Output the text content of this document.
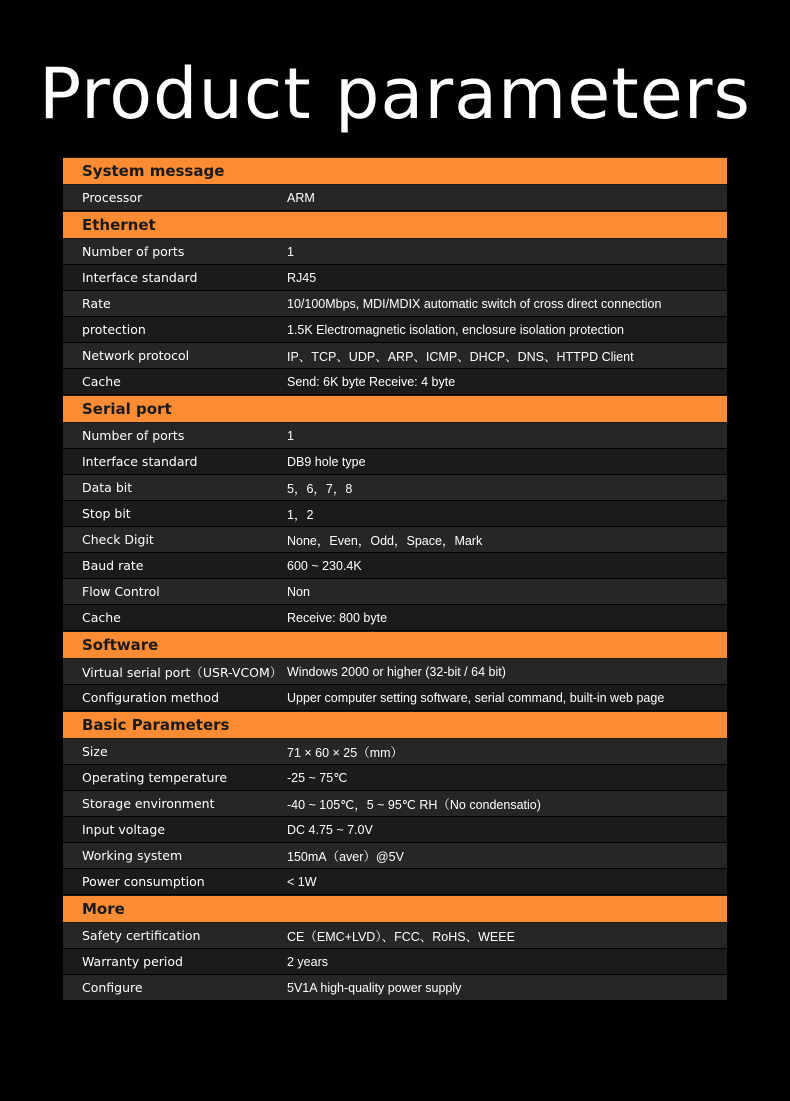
Product parameters
System message
Processor	ARM
Ethernet
Number of ports	1
Interface standard	RJ45
Rate	10/100Mbps, MDI/MDIX automatic switch of cross direct connection
protection	1.5K Electromagnetic isolation, enclosure isolation protection
Network protocol	IP、TCP、UDP、ARP、ICMP、DHCP、DNS、HTTPD Client
Cache	Send: 6K byte Receive: 4 byte
Serial port
Number of ports	1
Interface standard	DB9 hole type
Data bit	5，6，7，8
Stop bit	1，2
Check Digit	None，Even，Odd，Space，Mark
Baud rate	600 ~ 230.4K
Flow Control	Non
Cache	Receive: 800 byte
Software
Virtual serial port（USR-VCOM） Windows 2000 or higher (32-bit / 64 bit)
Configuration method	Upper computer setting software, serial command, built-in web page
Basic Parameters
Size	71 × 60 × 25（mm）
Operating temperature	-25 ~ 75℃
Storage environment	-40 ~ 105℃，5 ~ 95℃ RH（No condensatio)
Input voltage	DC 4.75 ~ 7.0V
Working system	150mA（aver）@5V
Power consumption	< 1W
More
Safety certification	CE（EMC+LVD）、FCC、RoHS、WEEE
Warranty period	2 years
Configure	5V1A high-quality power supply
